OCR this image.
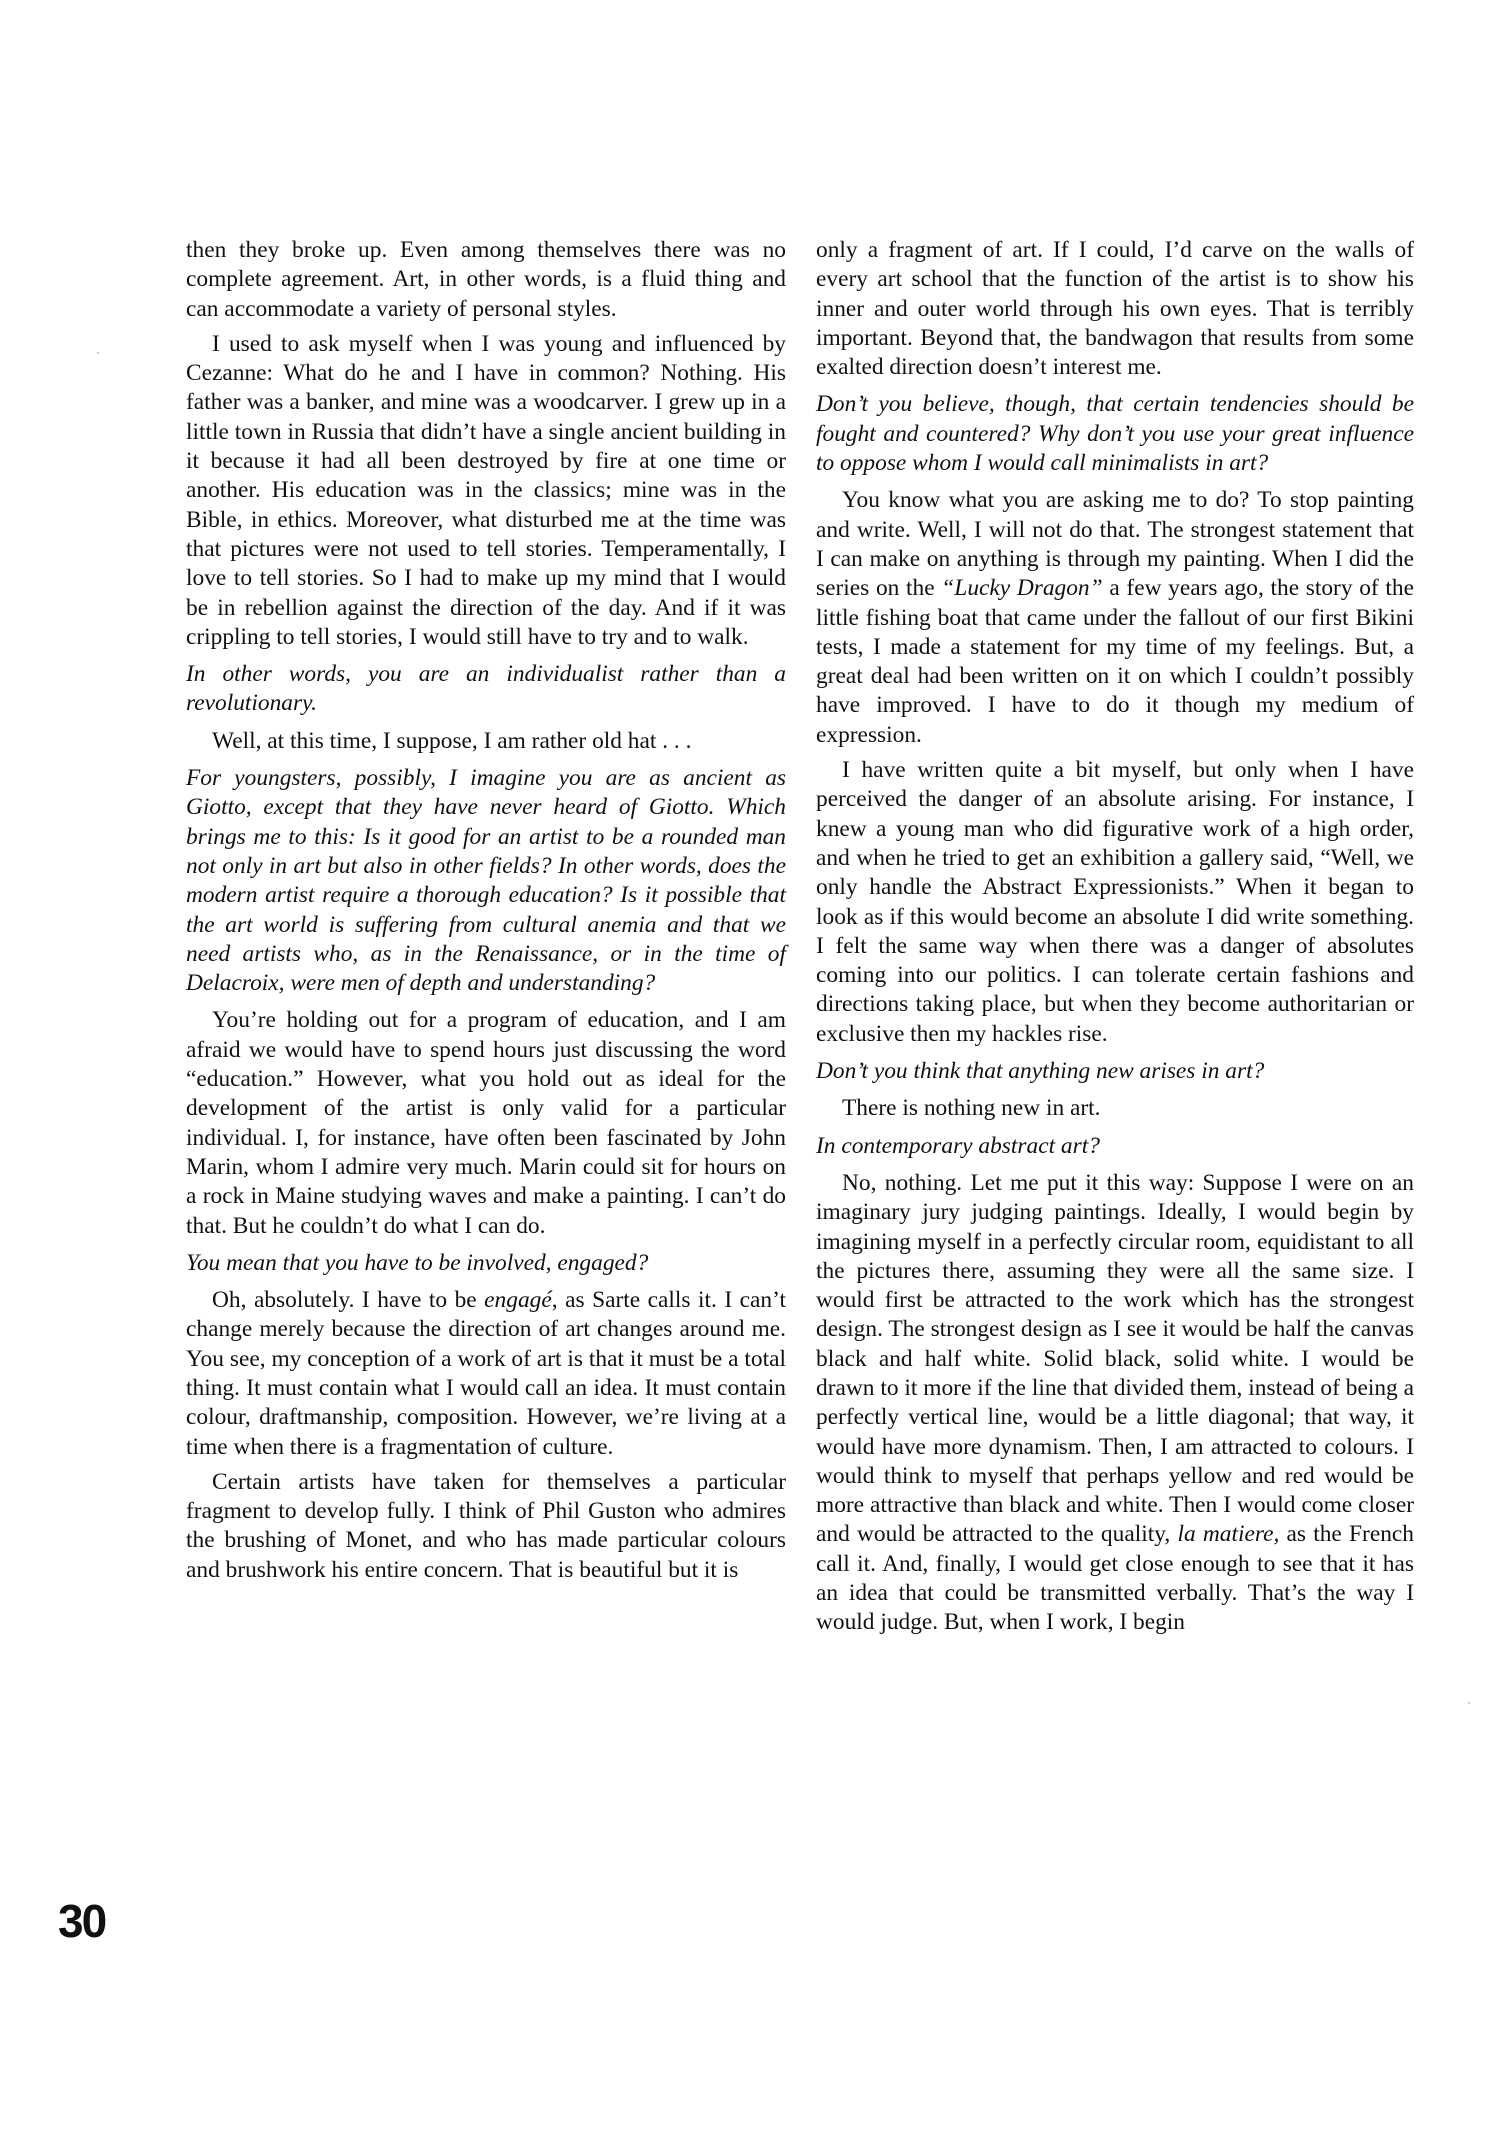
then they broke up. Even among themselves there was no complete agreement. Art, in other words, is a fluid thing and can accommodate a variety of personal styles.

I used to ask myself when I was young and influenced by Cezanne: What do he and I have in common? Nothing. His father was a banker, and mine was a woodcarver. I grew up in a little town in Russia that didn’t have a single ancient building in it because it had all been destroyed by fire at one time or another. His education was in the classics; mine was in the Bible, in ethics. Moreover, what disturbed me at the time was that pictures were not used to tell stories. Temperamentally, I love to tell stories. So I had to make up my mind that I would be in rebellion against the direction of the day. And if it was crippling to tell stories, I would still have to try and to walk.

In other words, you are an individualist rather than a revolutionary.

Well, at this time, I suppose, I am rather old hat . . .

For youngsters, possibly, I imagine you are as ancient as Giotto, except that they have never heard of Giotto. Which brings me to this: Is it good for an artist to be a rounded man not only in art but also in other fields? In other words, does the modern artist require a thorough education? Is it possible that the art world is suffering from cultural anemia and that we need artists who, as in the Renaissance, or in the time of Delacroix, were men of depth and understanding?

You’re holding out for a program of education, and I am afraid we would have to spend hours just discussing the word “education.” However, what you hold out as ideal for the development of the artist is only valid for a particular individual. I, for instance, have often been fascinated by John Marin, whom I admire very much. Marin could sit for hours on a rock in Maine studying waves and make a painting. I can’t do that. But he couldn’t do what I can do.

You mean that you have to be involved, engaged?

Oh, absolutely. I have to be engagé, as Sarte calls it. I can’t change merely because the direction of art changes around me. You see, my conception of a work of art is that it must be a total thing. It must contain what I would call an idea. It must contain colour, draftmanship, composition. However, we’re living at a time when there is a fragmentation of culture.

Certain artists have taken for themselves a particular fragment to develop fully. I think of Phil Guston who admires the brushing of Monet, and who has made particular colours and brushwork his entire concern. That is beautiful but it is

only a fragment of art. If I could, I’d carve on the walls of every art school that the function of the artist is to show his inner and outer world through his own eyes. That is terribly important. Beyond that, the bandwagon that results from some exalted direction doesn’t interest me.

Don’t you believe, though, that certain tendencies should be fought and countered? Why don’t you use your great influence to oppose whom I would call minimalists in art?

You know what you are asking me to do? To stop painting and write. Well, I will not do that. The strongest statement that I can make on anything is through my painting. When I did the series on the “Lucky Dragon” a few years ago, the story of the little fishing boat that came under the fallout of our first Bikini tests, I made a statement for my time of my feelings. But, a great deal had been written on it on which I couldn’t possibly have improved. I have to do it though my medium of expression.

I have written quite a bit myself, but only when I have perceived the danger of an absolute arising. For instance, I knew a young man who did figurative work of a high order, and when he tried to get an exhibition a gallery said, “Well, we only handle the Abstract Expressionists.” When it began to look as if this would become an absolute I did write something. I felt the same way when there was a danger of absolutes coming into our politics. I can tolerate certain fashions and directions taking place, but when they become authoritarian or exclusive then my hackles rise.

Don’t you think that anything new arises in art?

There is nothing new in art.

In contemporary abstract art?

No, nothing. Let me put it this way: Suppose I were on an imaginary jury judging paintings. Ideally, I would begin by imagining myself in a perfectly circular room, equidistant to all the pictures there, assuming they were all the same size. I would first be attracted to the work which has the strongest design. The strongest design as I see it would be half the canvas black and half white. Solid black, solid white. I would be drawn to it more if the line that divided them, instead of being a perfectly vertical line, would be a little diagonal; that way, it would have more dynamism. Then, I am attracted to colours. I would think to myself that perhaps yellow and red would be more attractive than black and white. Then I would come closer and would be attracted to the quality, la matiere, as the French call it. And, finally, I would get close enough to see that it has an idea that could be transmitted verbally. That’s the way I would judge. But, when I work, I begin

30
